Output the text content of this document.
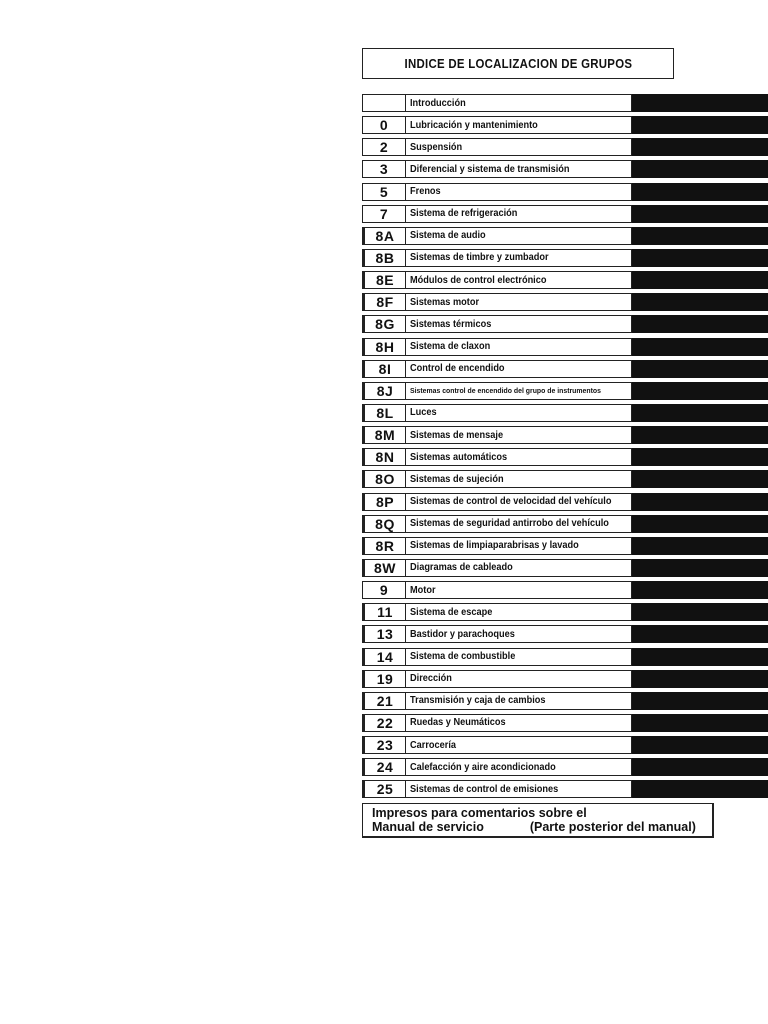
INDICE DE LOCALIZACION DE GRUPOS
Introducción
0	Lubricación y mantenimiento
2	Suspensión
3	Diferencial y sistema de transmisión
5	Frenos
7	Sistema de refrigeración
8A	Sistema de audio
8B	Sistemas de timbre y zumbador
8E	Módulos de control electrónico
8F	Sistemas motor
8G	Sistemas térmicos
8H	Sistema de claxon
8I	Control de encendido
8J	Sistemas control de encendido del grupo de instrumentos
8L	Luces
8M	Sistemas de mensaje
8N	Sistemas automáticos
8O	Sistemas de sujeción
8P	Sistemas de control de velocidad del vehículo
8Q	Sistemas de seguridad antirrobo del vehículo
8R	Sistemas de limpiaparabrisas y lavado
8W	Diagramas de cableado
9	Motor
11	Sistema de escape
13	Bastidor y parachoques
14	Sistema de combustible
19	Dirección
21	Transmisión y caja de cambios
22	Ruedas y Neumáticos
23	Carrocería
24	Calefacción y aire acondicionado
25	Sistemas de control de emisiones
Impresos para comentarios sobre el
Manual de servicio	(Parte posterior del manual)
